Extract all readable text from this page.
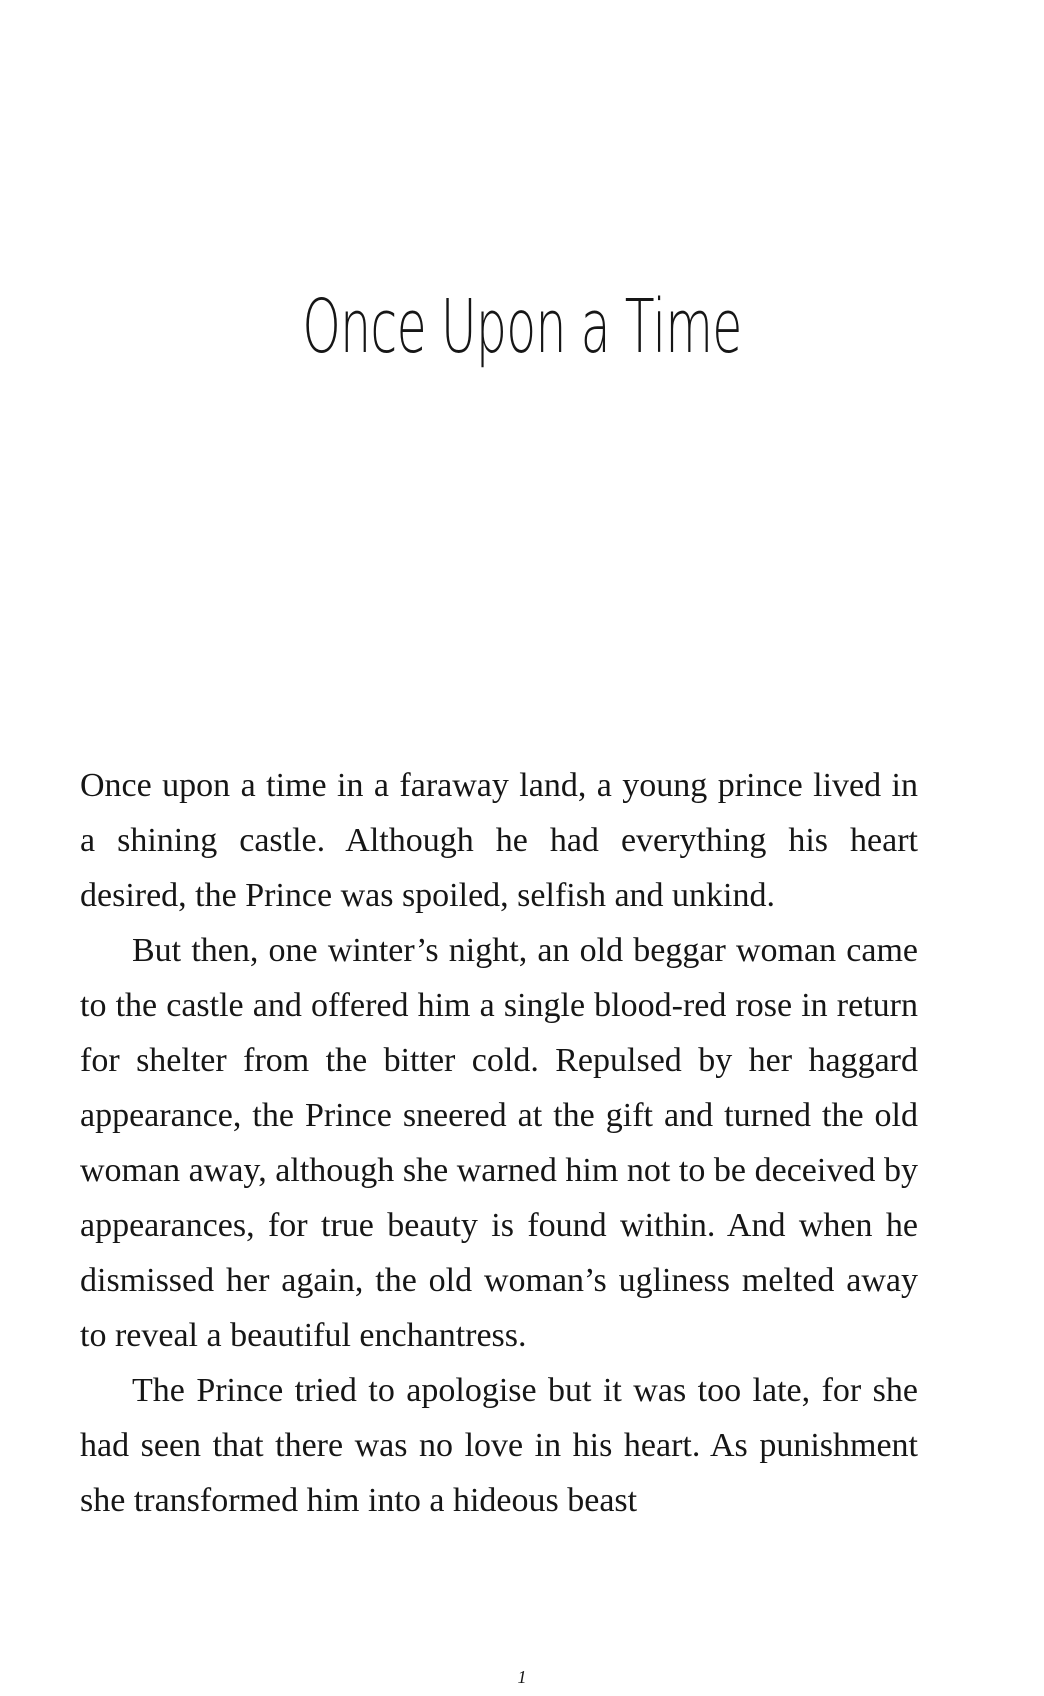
Once Upon a Time

Once upon a time in a faraway land, a young prince lived in a shining castle. Although he had everything his heart desired, the Prince was spoiled, selfish and unkind.

But then, one winter’s night, an old beggar woman came to the castle and offered him a single blood-red rose in return for shelter from the bitter cold. Repulsed by her haggard appearance, the Prince sneered at the gift and turned the old woman away, although she warned him not to be deceived by appearances, for true beauty is found within. And when he dismissed her again, the old woman’s ugliness melted away to reveal a beautiful enchantress.

The Prince tried to apologise but it was too late, for she had seen that there was no love in his heart. As punishment she transformed him into a hideous beast

1
